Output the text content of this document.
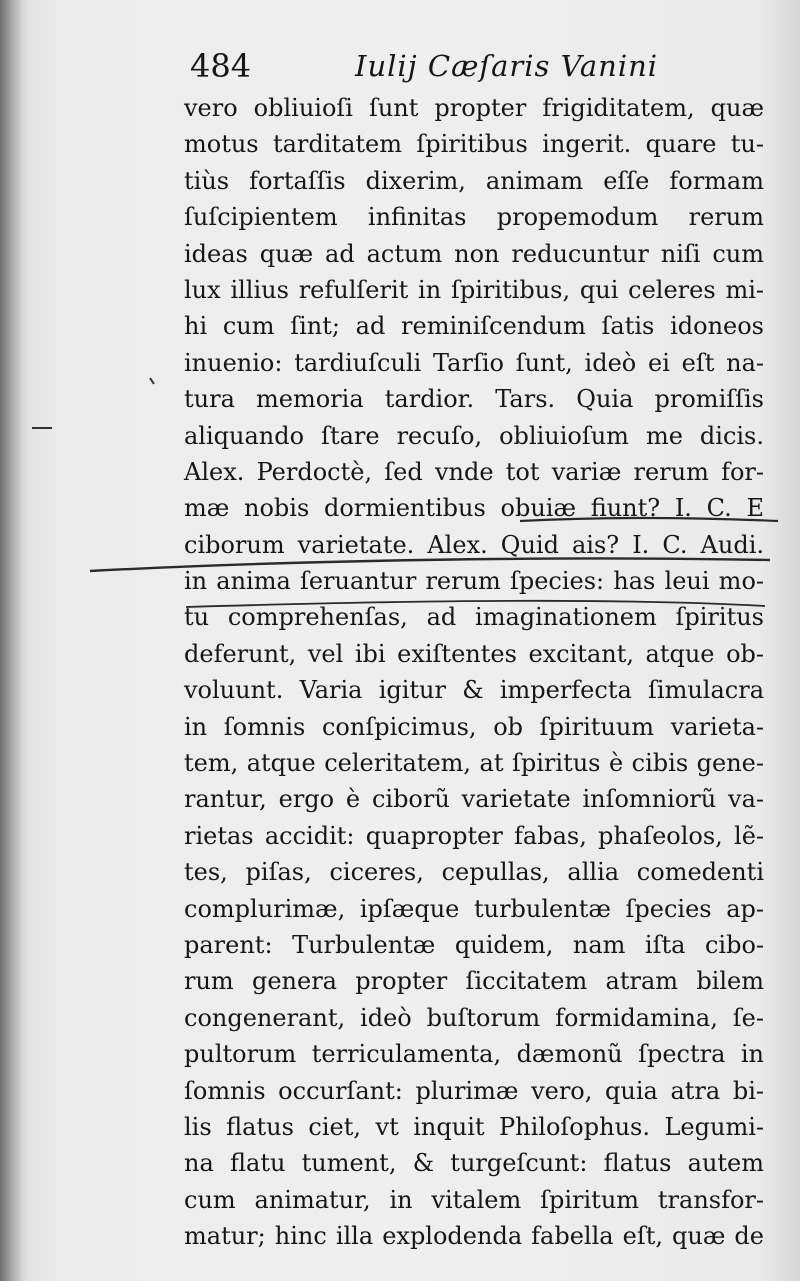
484	Iulij Cæſaris Vanini
vero obliuioſi ſunt propter frigiditatem, quæ
motus tarditatem ſpiritibus ingerit. quare tu-
tiùs fortaſſis dixerim, animam eſſe formam
ſuſcipientem infinitas propemodum rerum
ideas quæ ad actum non reducuntur niſi cum
lux illius refulſerit in ſpiritibus, qui celeres mi-
hi cum ſint; ad reminiſcendum ſatis idoneos
inuenio: tardiuſculi Tarſio ſunt, ideò ei eſt na-
tura memoria tardior. Tars. Quia promiſſis
aliquando ſtare recuſo, obliuioſum me dicis.
Alex. Perdoctè, ſed vnde tot variæ rerum for-
mæ nobis dormientibus obuiæ fiunt? I. C. E
ciborum varietate. Alex. Quid ais? I. C. Audi.
in anima ſeruantur rerum ſpecies: has leui mo-
tu comprehenſas, ad imaginationem ſpiritus
deferunt, vel ibi exiſtentes excitant, atque ob-
voluunt. Varia igitur & imperfecta ſimulacra
in ſomnis conſpicimus, ob ſpirituum varieta-
tem, atque celeritatem, at ſpiritus è cibis gene-
rantur, ergo è ciborũ varietate inſomniorũ va-
rietas accidit: quapropter fabas, phaſeolos, lẽ-
tes, piſas, ciceres, cepullas, allia comedenti
complurimæ, ipſæque turbulentæ ſpecies ap-
parent: Turbulentæ quidem, nam iſta cibo-
rum genera propter ſiccitatem atram bilem
congenerant, ideò buſtorum formidamina, ſe-
pultorum terriculamenta, dæmonũ ſpectra in
ſomnis occurſant: plurimæ vero, quia atra bi-
lis flatus ciet, vt inquit Philoſophus. Legumi-
na flatu tument, & turgeſcunt: flatus autem
cum animatur, in vitalem ſpiritum transfor-
matur; hinc illa explodenda fabella eſt, quæ de
